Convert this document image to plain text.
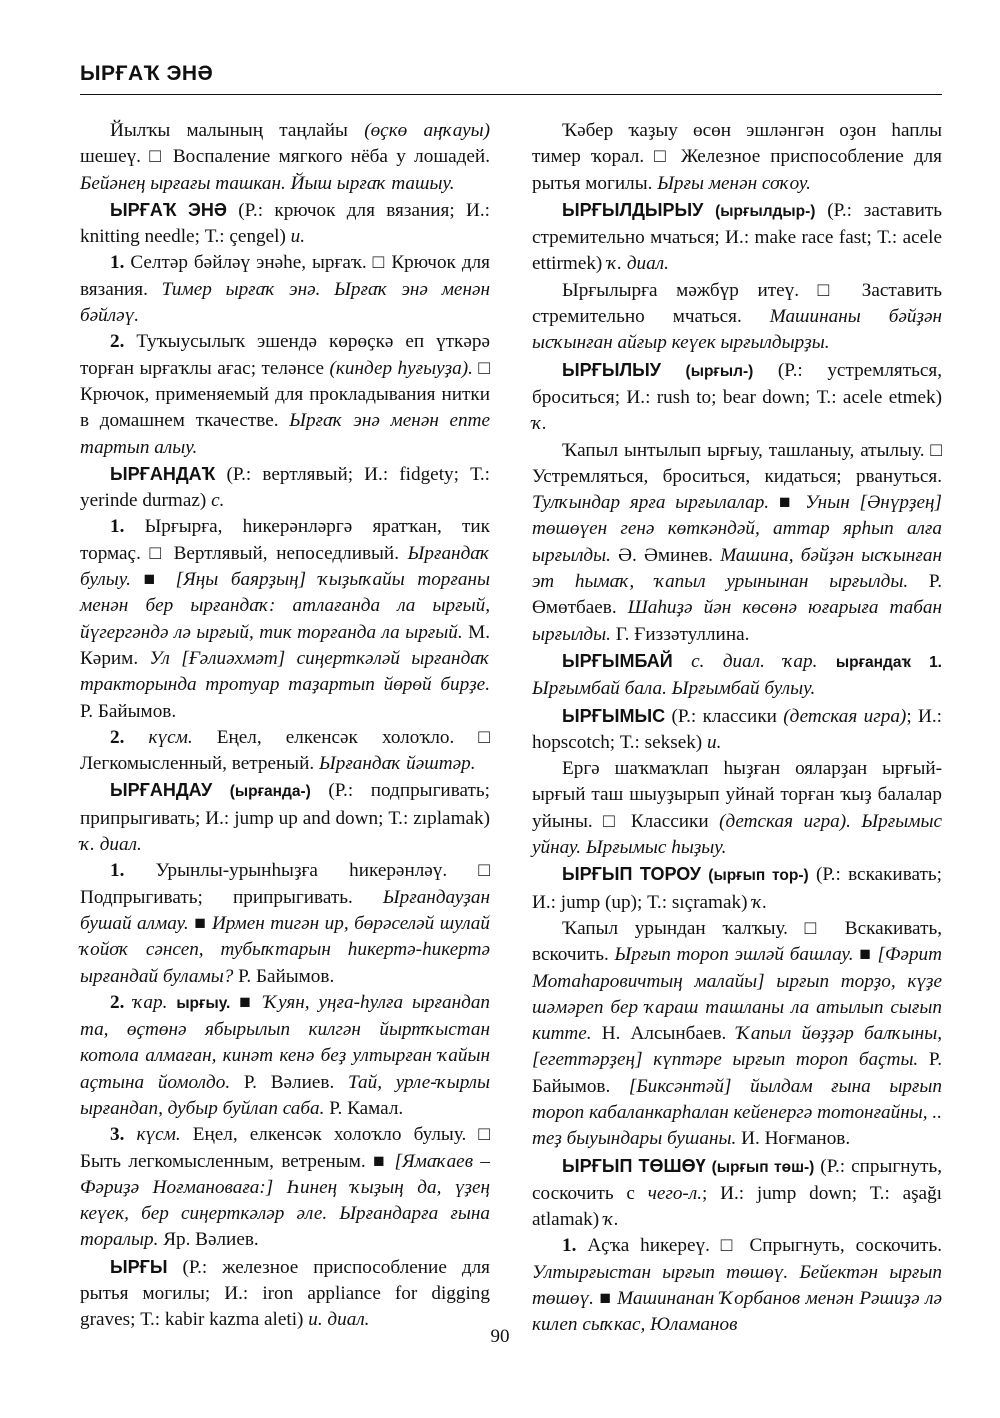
ЫРҒАҠ ЭНӘ

Йылҡы малының таңлайы (өҫкө аңҡауы) шешеү. □ Воспаление мягкого нёба у лошадей. Бейәнең ырғағы ташкан. Йыш ырғаҡ ташыу.

ЫРҒАҠ ЭНӘ (Р.: крючок для вязания; И.: knitting needle; Т.: çengel) и.

1. Селтәр бәйләү энәһе, ырғаҡ. □ Крючок для вязания. Тимер ырғаҡ энә. Ырғаҡ энә менән бәйләү.

2. Туҡыусылыҡ эшендә көрөҫкә еп үткәрә торған ырғаҡлы ағас; теләнсе (киндер һуғыуҙа). □ Крючок, применяемый для прокладывания нитки в домашнем ткачестве. Ырғаҡ энә менән епте тартып алыу.

ЫРҒАНДАҠ (Р.: вертлявый; И.: fidgety; Т.: yerinde durmaz) с.

1. Ырғырға, һикерәнләргә яратҡан, тик тормаç. □ Вертлявый, непоседливый. Ырғандаҡ булыу. ■ [Яңы баярҙың] ҡыҙыҡайы торғаны менән бер ырғандаҡ: атлағанда ла ырғый, йүгергәндә лә ырғый, тик торғанда ла ырғый. М. Кәрим. Ул [Ғәлиәхмәт] сиңерткәләй ырғандаҡ тракторында тротуар таҙартып йөрөй бирҙе. Р. Байымов.

2. күсм. Еңел, елкенсәк холоҡло. □ Легкомысленный, ветреный. Ырғандаҡ йәштәр.

ЫРҒАНДАУ (ырғанда-) (Р.: подпрыгивать; припрыгивать; И.: jump up and down; Т.: zıplamak) ҡ. диал.

1. Урынлы-урынһыҙға һикерәнләү. □ Подпрыгивать; припрыгивать. Ырғандауҙан бушай алмау. ■ Ирмен тигән ир, бөрәселәй шулай ҡойоҡ сәнсеп, тубыҡтарын һикертә-һикертә ырғандай буламы? Р. Байымов.

2. ҡар. ырғыу. ■ Ҡуян, уңға-һулға ырғандап та, өҫтөнә ябырылып килгән йыртҡыстан котола алмаған, кинәт кенә беҙ ултырған ҡайын аҫтына йомолдо. Р. Вәлиев. Тай, урле-ҡырлы ырғандап, дубыр буйлап саба. Р. Камал.

3. күсм. Еңел, елкенсәк холоҡло булыу. □ Быть легкомысленным, ветреным. ■ [Ямаҡаев – Фәриҙә Ноғмановаға:] Һинең ҡыҙың да, үҙең кеүек, бер сиңерткәләр әле. Ырғандарға ғына торалыр. Яр. Вәлиев.

ЫРҒЫ (Р.: железное приспособление для рытья могилы; И.: iron appliance for digging graves; Т.: kabir kazma aleti) и. диал.

Ҡәбер ҡаҙыу өсөн эшләнгән оҙон һаплы тимер ҡорал. □ Железное приспособление для рытья могилы. Ырғы менән соҡоу.

ЫРҒЫЛДЫРЫУ (ырғылдыр-) (Р.: заставить стремительно мчаться; И.: make race fast; Т.: acele ettirmek) ҡ. диал.

Ырғылырға мәжбүр итеү. □ Заставить стремительно мчаться. Машинаны бәйҙән ысҡынған айғыр кеүек ырғылдырҙы.

ЫРҒЫЛЫУ (ырғыл-) (Р.: устремляться, броситься; И.: rush to; bear down; Т.: acele etmek) ҡ.

Ҡапыл ынтылып ырғыу, ташланыу, атылыу. □ Устремляться, броситься, кидаться; рвануться. Тулҡындар ярға ырғылалар. ■ Унын [Әнүрҙең] төшөүен генә көткәндәй, аттар ярһып алға ырғылды. Ә. Әминев. Машина, бәйҙән ысҡынған эт һымаҡ, ҡапыл урынынан ырғылды. Р. Өмөтбаев. Шаһиҙә йән көсөнә юғарыға табан ырғылды. Г. Ғиззәтуллина.

ЫРҒЫМБАЙ с. диал. ҡар. ырғандаҡ 1. Ырғымбай бала. Ырғымбай булыу.

ЫРҒЫМЫС (Р.: классики (детская игра); И.: hopscotch; Т.: seksek) и.

Ергә шаҡмаҡлап һыҙған ояларҙан ырғый-ырғый таш шыуҙырып уйнай торған ҡыҙ балалар уйыны. □ Классики (детская игра). Ырғымыс уйнау. Ырғымыс һыҙыу.

ЫРҒЫП ТОРОУ (ырғып тор-) (Р.: вскакивать; И.: jump (up); Т.: sıçramak) ҡ.

Ҡапыл урындан ҡалҡыу. □ Вскакивать, вскочить. Ырғып тороп эшләй башлау. ■ [Фәрит Мотаһаровичтың малайы] ырғып торҙо, күҙе шәмәреп бер ҡараш ташланы ла атылып сығып китте. Н. Алсынбаев. Ҡапыл йөҙҙәр балҡыны, [егеттәрҙең] күптәре ырғып тороп баҫты. Р. Байымов. [Биксәнтәй] йылдам ғына ырғып тороп кабаланкарһалан кейенергә тотонғайны, .. теҙ быуындары бушаны. И. Ноғманов.

ЫРҒЫП ТӨШӨҮ (ырғып төш-) (Р.: спрыгнуть, соскочить с чего-л.; И.: jump down; Т.: aşağı atlamak) ҡ.

1. Аҫҡа һикереү. □ Спрыгнуть, соскочить. Ултырғыстан ырғып төшөү. Бейектән ырғып төшөү. ■ Машинанан Ҡорбанов менән Рәшиҙә лә килеп сыҡкас, Юламанов

90
